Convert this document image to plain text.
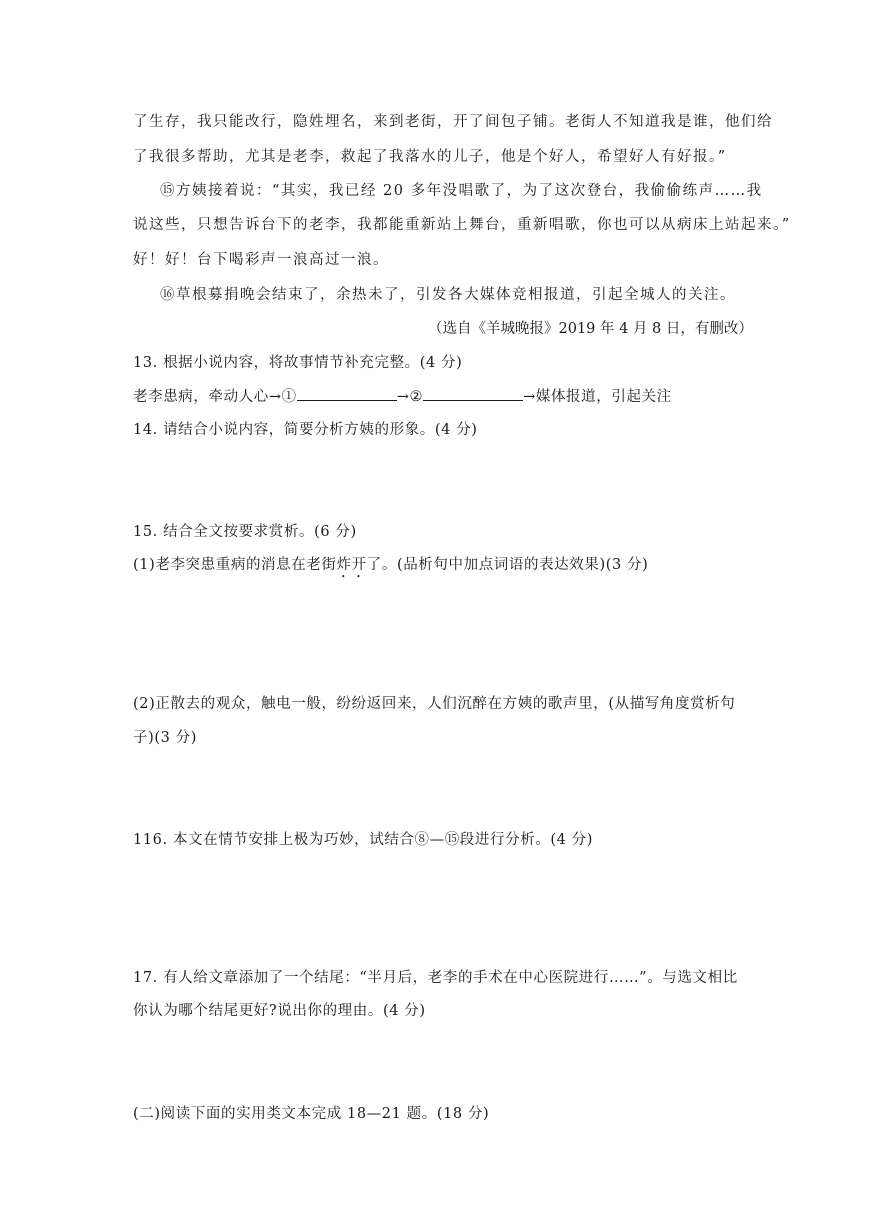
了生存，我只能改行，隐姓埋名，来到老街，开了间包子铺。老街人不知道我是谁，他们给
了我很多帮助，尤其是老李，救起了我落水的儿子，他是个好人，希望好人有好报。”
⑮方姨接着说：“其实，我已经 20 多年没唱歌了，为了这次登台，我偷偷练声……我
说这些，只想告诉台下的老李，我都能重新站上舞台，重新唱歌，你也可以从病床上站起来。”
好！好！台下喝彩声一浪高过一浪。
⑯草根募捐晚会结束了，余热未了，引发各大媒体竞相报道，引起全城人的关注。
（选自《羊城晚报》2019 年 4 月 8 日，有删改）
13. 根据小说内容，将故事情节补充完整。(4 分)
老李患病，牵动人心→①	→②	→媒体报道，引起关注
14. 请结合小说内容，简要分析方姨的形象。(4 分)
15. 结合全文按要求赏析。(6 分)
(1)老李突患重病的消息在老街炸开了。(品析句中加点词语的表达效果)(3 分)
(2)正散去的观众，触电一般，纷纷返回来，人们沉醉在方姨的歌声里，(从描写角度赏析句
子)(3 分)
116. 本文在情节安排上极为巧妙，试结合⑧—⑮段进行分析。(4 分)
17. 有人给文章添加了一个结尾：“半月后，老李的手术在中心医院进行……”。与选文相比
你认为哪个结尾更好?说出你的理由。(4 分)
(二)阅读下面的实用类文本完成 18—21 题。(18 分)
